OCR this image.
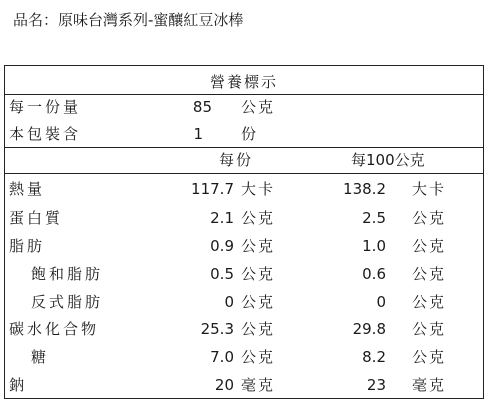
品名：原味台灣系列-蜜釀紅豆冰棒
營養標示
每一份量	85 公克
本包裝含	1	份
每份	每100公克
熱量	117.7 大卡	138.2 大卡
蛋白質	2.1 公克	2.5 公克
脂肪	0.9 公克	1.0 公克
飽和脂肪	0.5 公克	0.6 公克
反式脂肪	0 公克	0 公克
碳水化合物	25.3 公克	29.8 公克
糖	7.0 公克	8.2 公克
鈉	20 毫克	23 毫克
